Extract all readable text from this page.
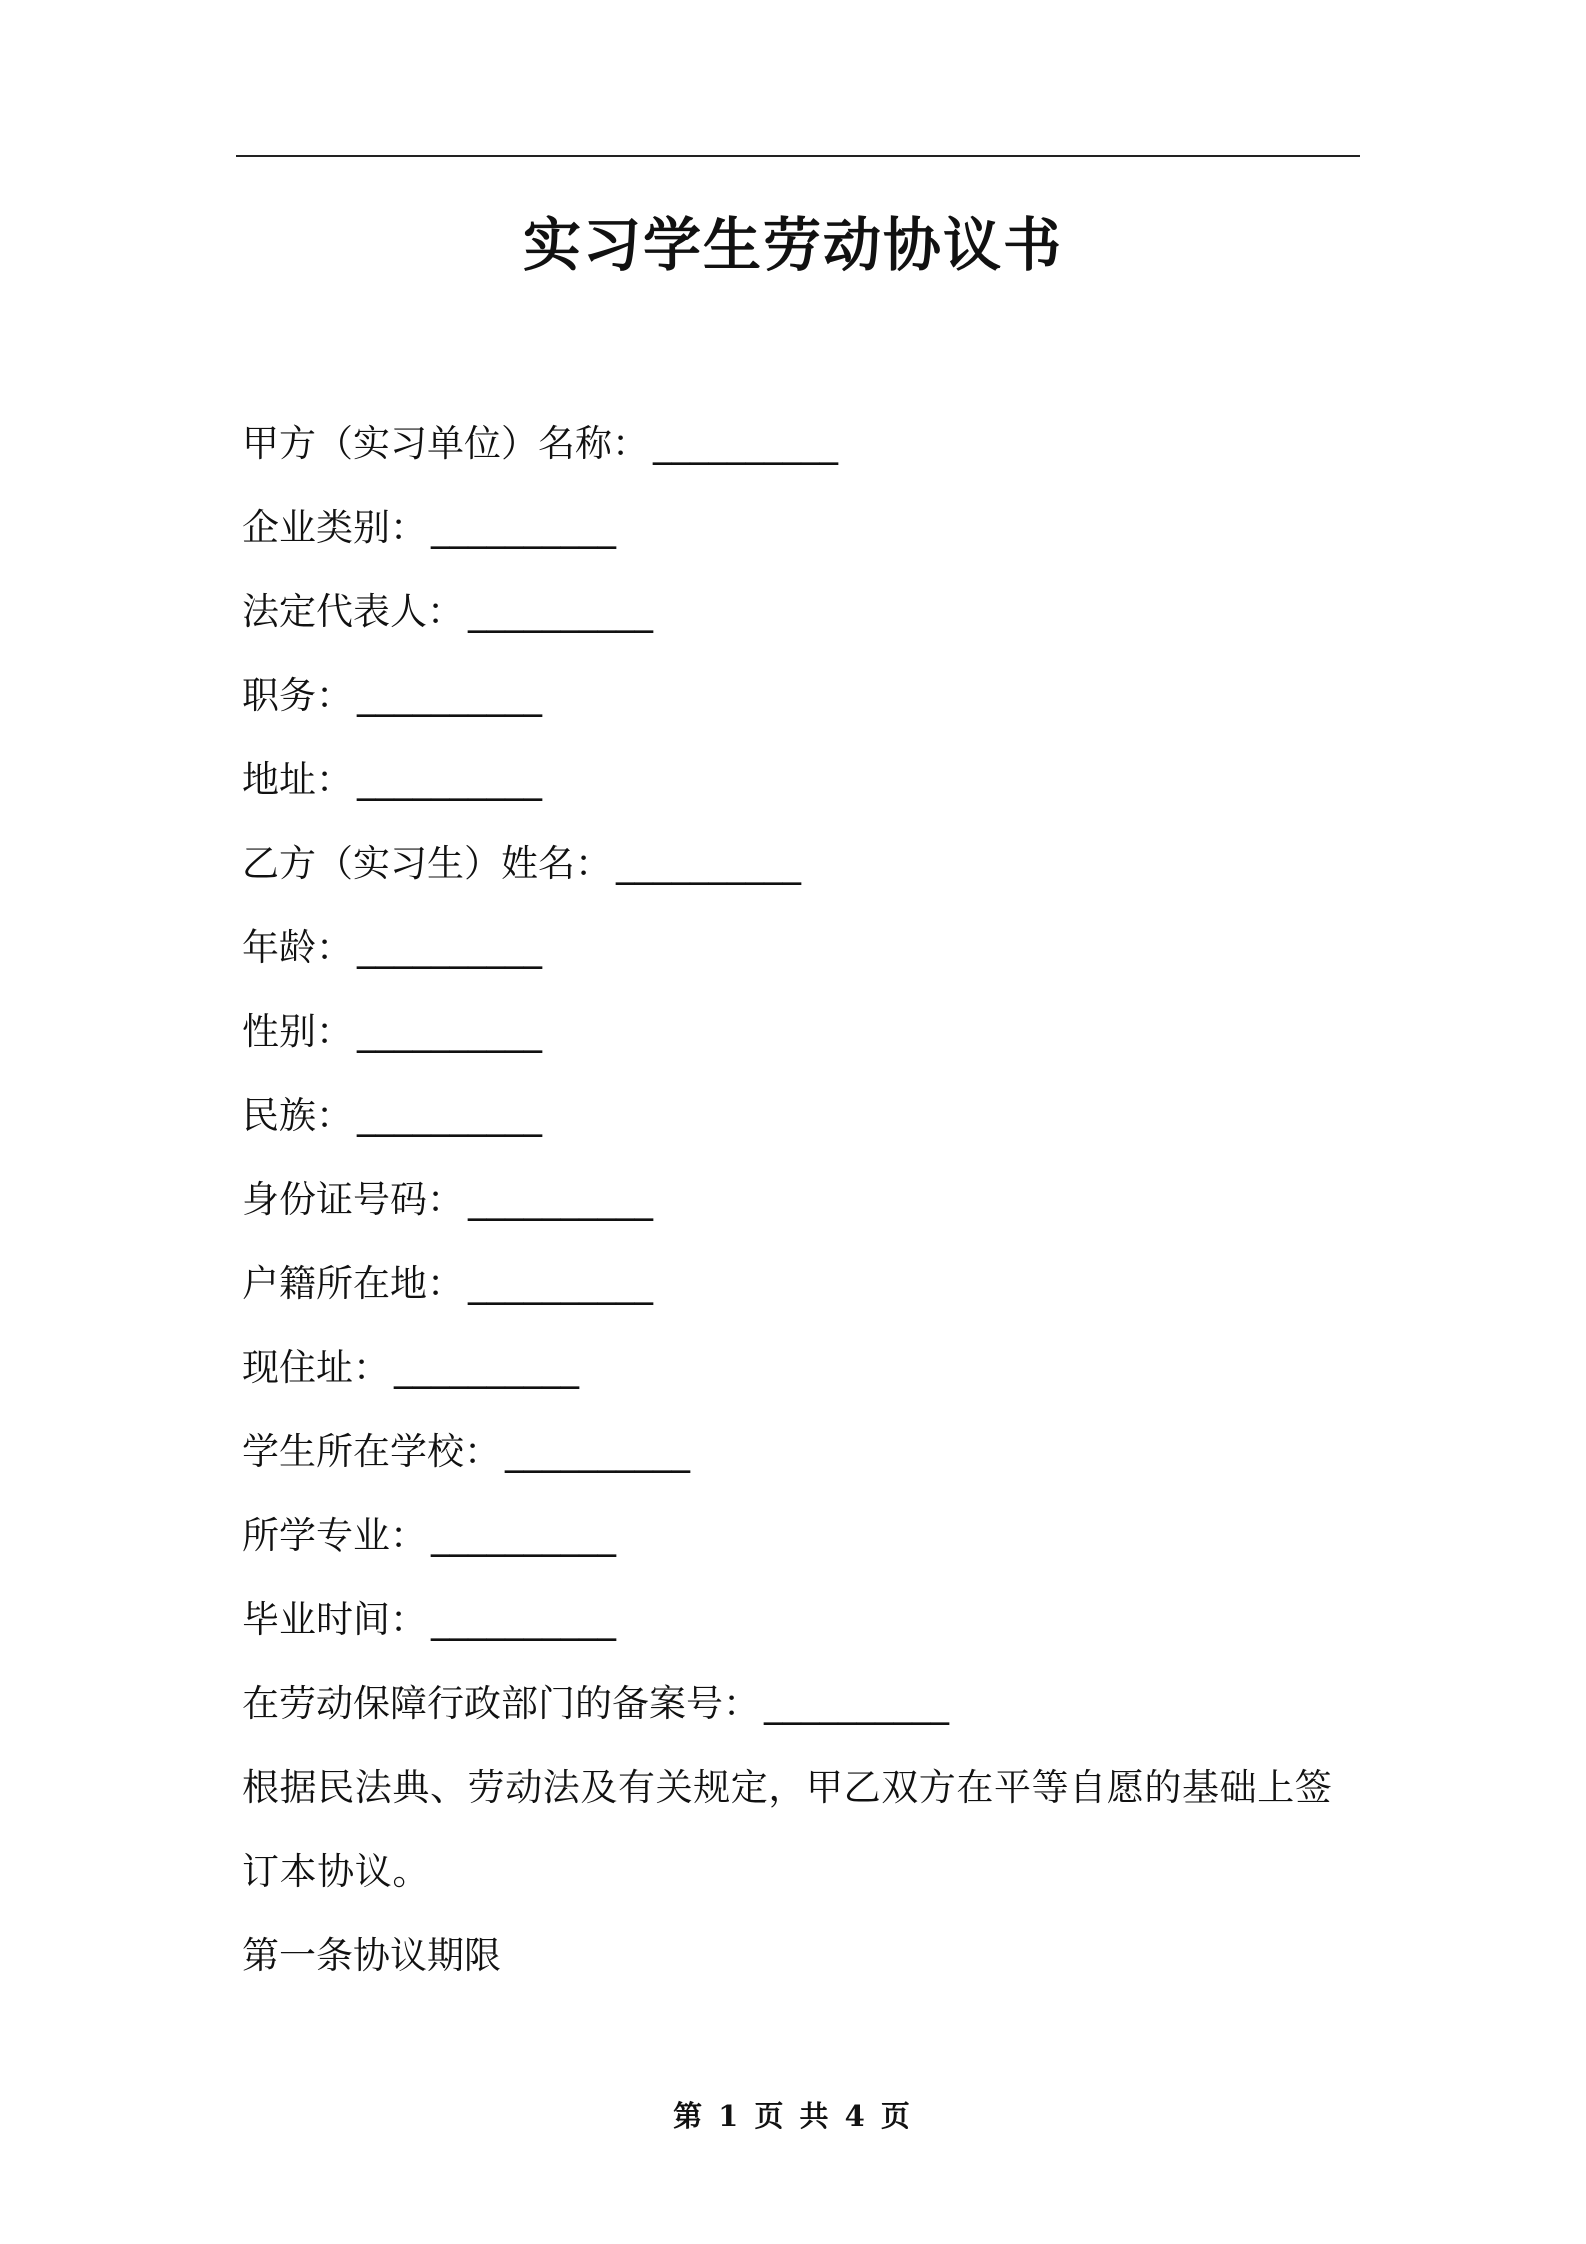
实习学生劳动协议书
甲方（实习单位）名称： __________
企业类别： __________
法定代表人： __________
职务： __________
地址： __________
乙方（实习生）姓名： __________
年龄： __________
性别： __________
民族： __________
身份证号码： __________
户籍所在地： __________
现住址： __________
学生所在学校： __________
所学专业： __________
毕业时间： __________
在劳动保障行政部门的备案号： __________
根据民法典、劳动法及有关规定，甲乙双方在平等自愿的基础上签订本协议。
第一条协议期限
第 1 页 共 4 页
